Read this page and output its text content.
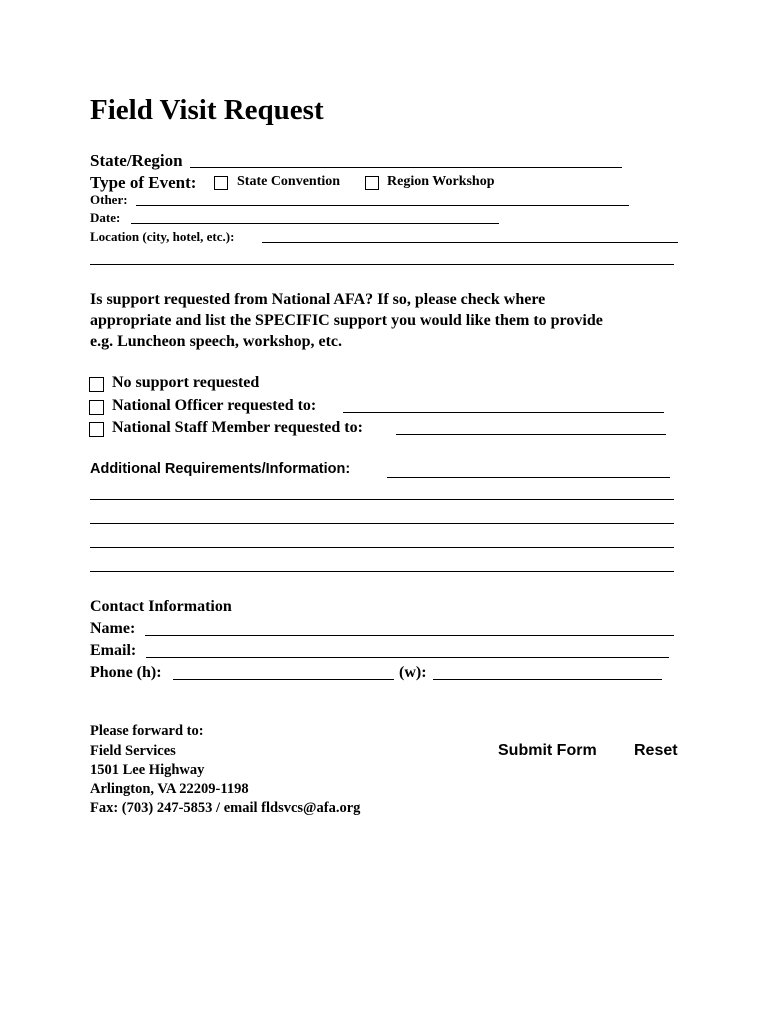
Field Visit Request
State/Region
Type of Event:	State Convention	Region Workshop
Other:
Date:
Location (city, hotel, etc.):
Is support requested from National AFA? If so, please check where
appropriate and list the SPECIFIC support you would like them to provide
e.g. Luncheon speech, workshop, etc.
No support requested
National Officer requested to:
National Staff Member requested to:
Additional Requirements/Information:
Contact Information
Name:
Email:
Phone (h):	(w):
Please forward to:
Field Services
1501 Lee Highway
Arlington, VA 22209-1198
Fax: (703) 247-5853 / email fldsvcs@afa.org
Submit Form Reset
